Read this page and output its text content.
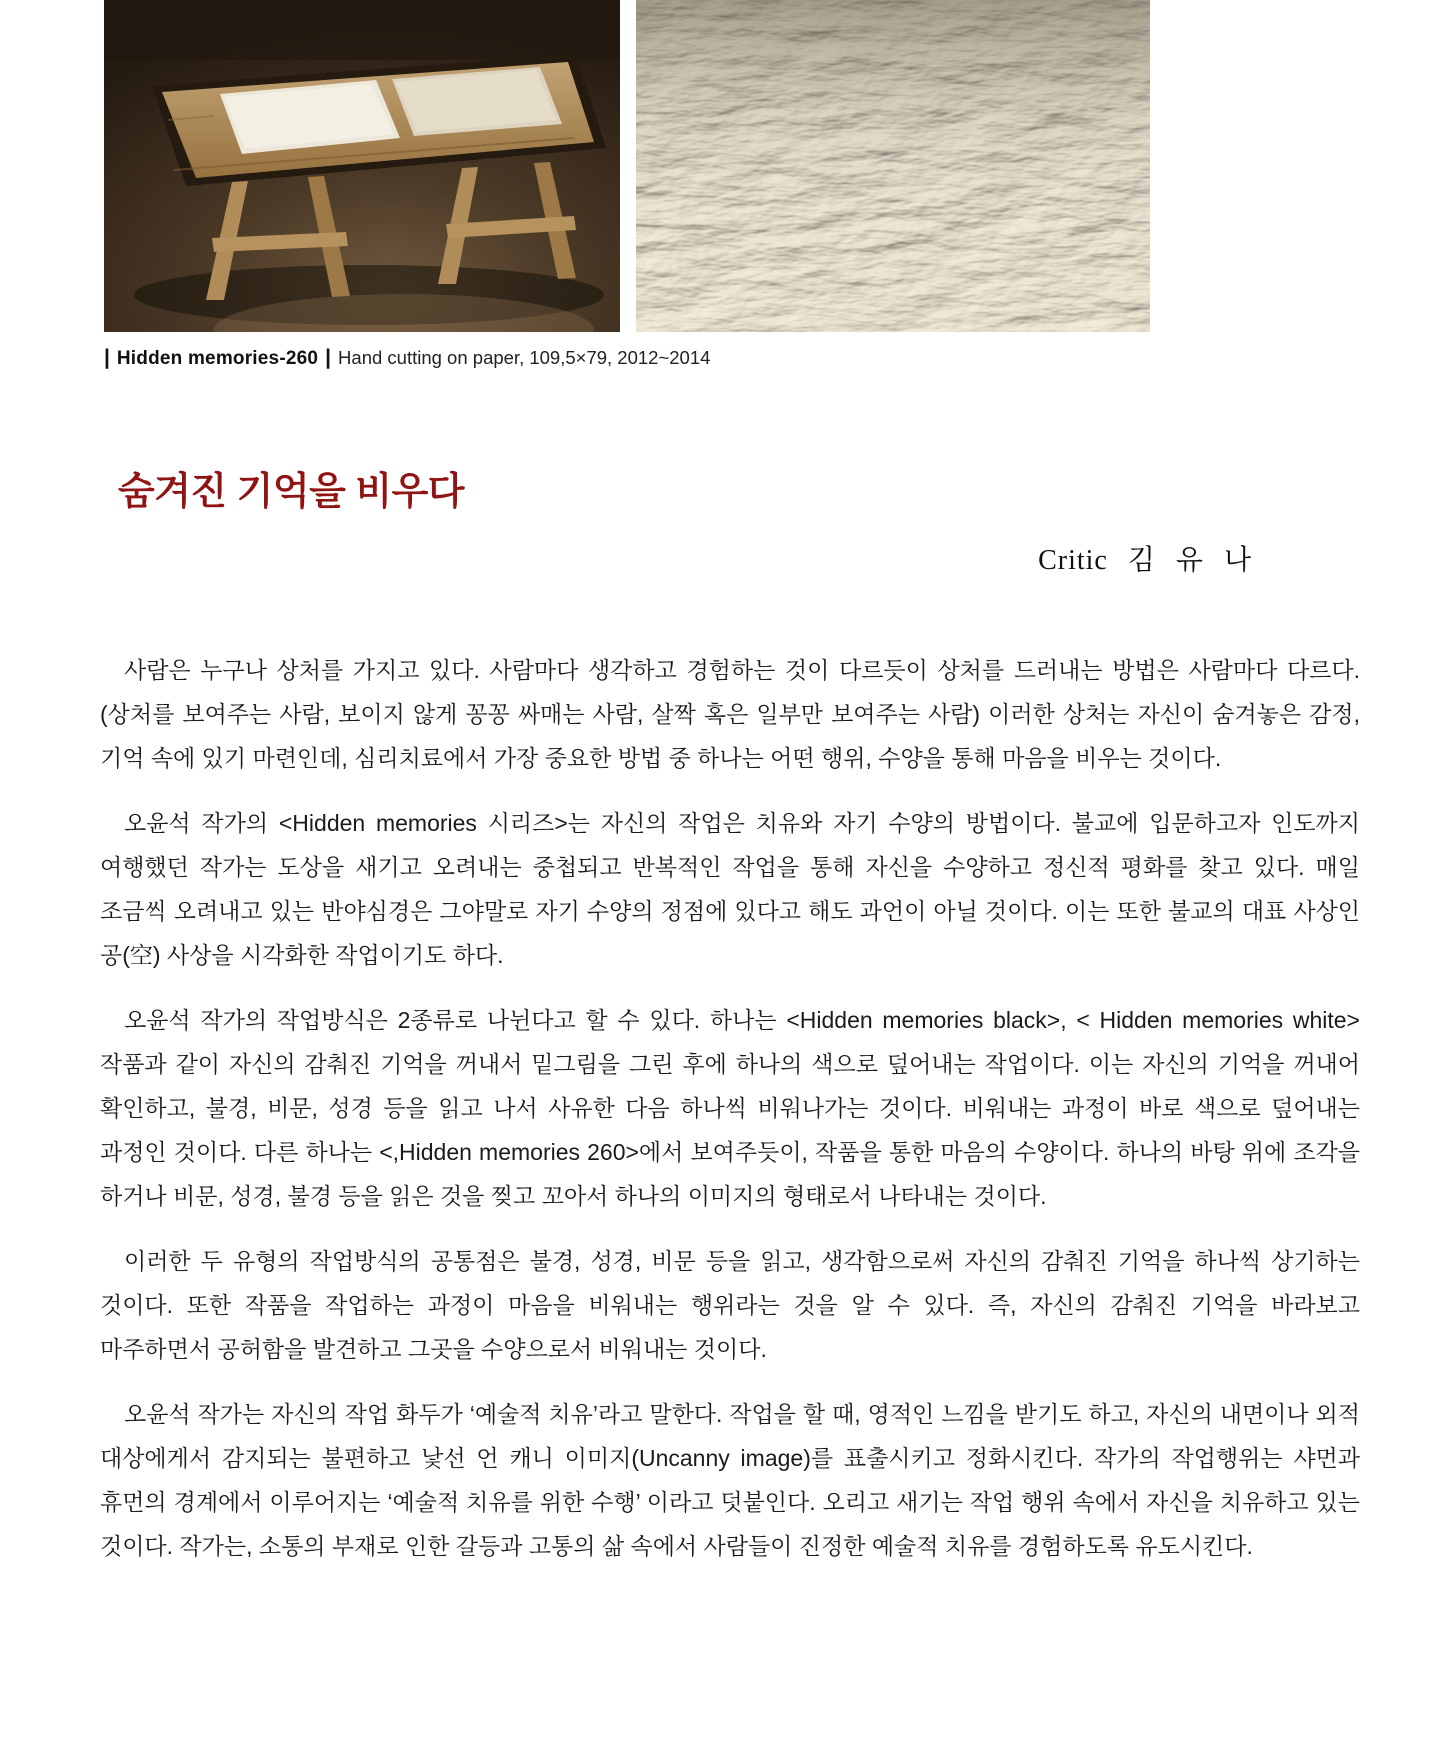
| Hidden memories-260 | Hand cutting on paper, 109,5×79, 2012~2014
숨겨진 기억을 비우다
Critic 김 유 나

사람은 누구나 상처를 가지고 있다. 사람마다 생각하고 경험하는 것이 다르듯이 상처를 드러내는 방법은 사람마다 다르다. (상처를 보여주는 사람, 보이지 않게 꽁꽁 싸매는 사람, 살짝 혹은 일부만 보여주는 사람) 이러한 상처는 자신이 숨겨놓은 감정, 기억 속에 있기 마련인데, 심리치료에서 가장 중요한 방법 중 하나는 어떤 행위, 수양을 통해 마음을 비우는 것이다.

오윤석 작가의 <Hidden memories 시리즈>는 자신의 작업은 치유와 자기 수양의 방법이다. 불교에 입문하고자 인도까지 여행했던 작가는 도상을 새기고 오려내는 중첩되고 반복적인 작업을 통해 자신을 수양하고 정신적 평화를 찾고 있다. 매일 조금씩 오려내고 있는 반야심경은 그야말로 자기 수양의 정점에 있다고 해도 과언이 아닐 것이다. 이는 또한 불교의 대표 사상인 공(空) 사상을 시각화한 작업이기도 하다.

오윤석 작가의 작업방식은 2종류로 나뉜다고 할 수 있다. 하나는 <Hidden memories black>, < Hidden memories white>작품과 같이 자신의 감춰진 기억을 꺼내서 밑그림을 그린 후에 하나의 색으로 덮어내는 작업이다. 이는 자신의 기억을 꺼내어 확인하고, 불경, 비문, 성경 등을 읽고 나서 사유한 다음 하나씩 비워나가는 것이다. 비워내는 과정이 바로 색으로 덮어내는 과정인 것이다. 다른 하나는 <,Hidden memories 260>에서 보여주듯이, 작품을 통한 마음의 수양이다. 하나의 바탕 위에 조각을 하거나 비문, 성경, 불경 등을 읽은 것을 찢고 꼬아서 하나의 이미지의 형태로서 나타내는 것이다.

이러한 두 유형의 작업방식의 공통점은 불경, 성경, 비문 등을 읽고, 생각함으로써 자신의 감춰진 기억을 하나씩 상기하는 것이다. 또한 작품을 작업하는 과정이 마음을 비워내는 행위라는 것을 알 수 있다. 즉, 자신의 감춰진 기억을 바라보고 마주하면서 공허함을 발견하고 그곳을 수양으로서 비워내는 것이다.

오윤석 작가는 자신의 작업 화두가 ‘예술적 치유’라고 말한다. 작업을 할 때, 영적인 느낌을 받기도 하고, 자신의 내면이나 외적 대상에게서 감지되는 불편하고 낯선 언 캐니 이미지(Uncanny image)를 표출시키고 정화시킨다. 작가의 작업행위는 샤먼과 휴먼의 경계에서 이루어지는 ‘예술적 치유를 위한 수행’ 이라고 덧붙인다. 오리고 새기는 작업 행위 속에서 자신을 치유하고 있는 것이다. 작가는, 소통의 부재로 인한 갈등과 고통의 삶 속에서 사람들이 진정한 예술적 치유를 경험하도록 유도시킨다.
